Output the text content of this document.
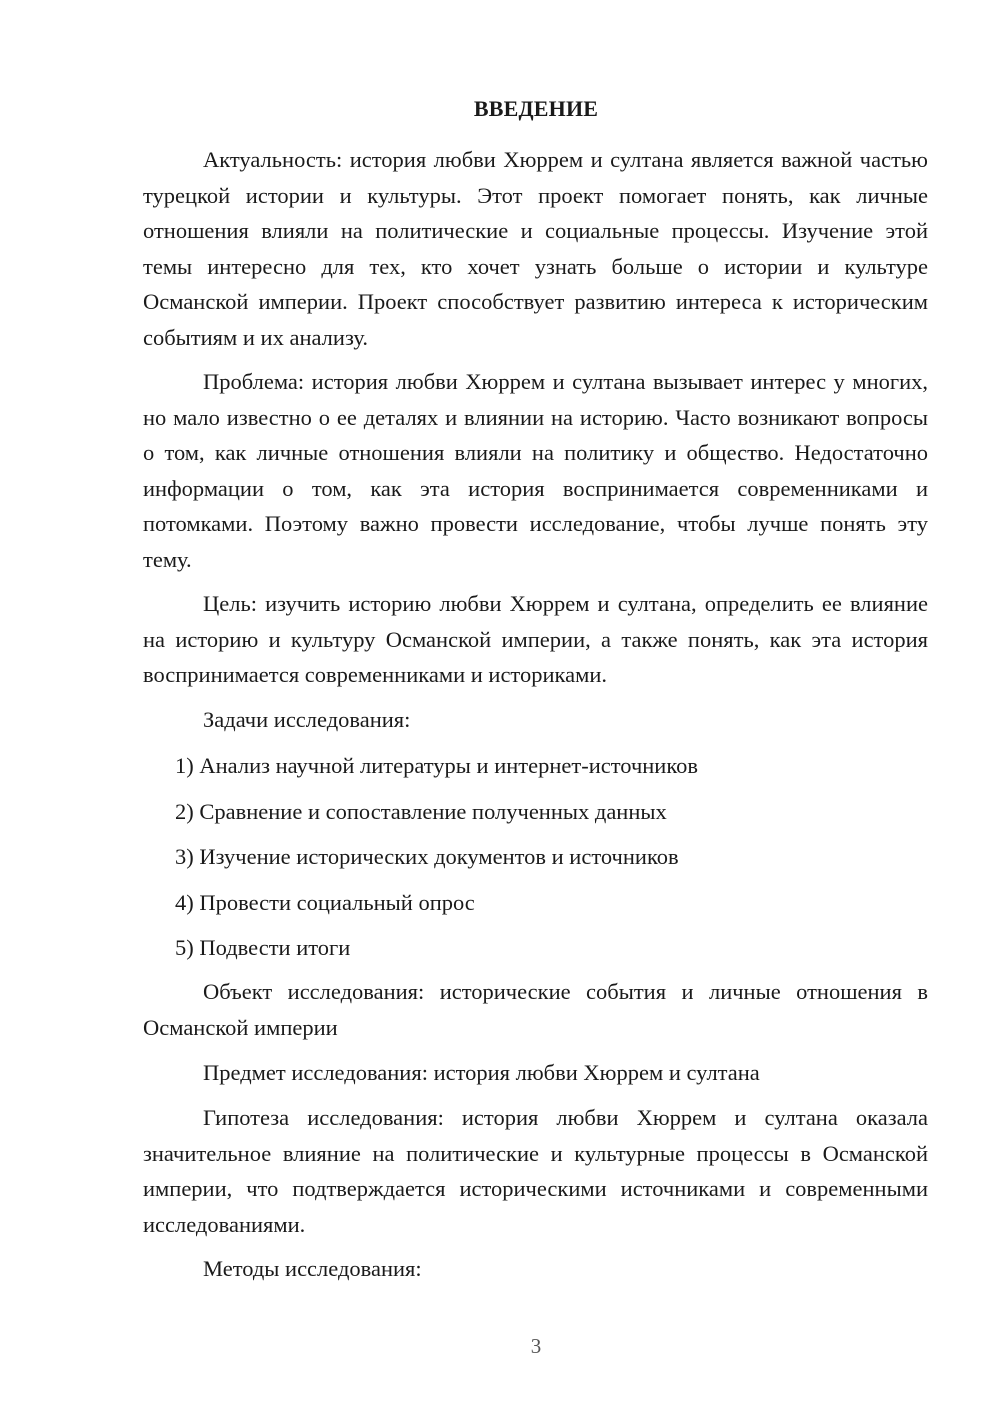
ВВЕДЕНИЕ

Актуальность: история любви Хюррем и султана является важной частью турецкой истории и культуры. Этот проект помогает понять, как личные отношения влияли на политические и социальные процессы. Изучение этой темы интересно для тех, кто хочет узнать больше о истории и культуре Османской империи. Проект способствует развитию интереса к историческим событиям и их анализу.

Проблема: история любви Хюррем и султана вызывает интерес у многих, но мало известно о ее деталях и влиянии на историю. Часто возникают вопросы о том, как личные отношения влияли на политику и общество. Недостаточно информации о том, как эта история воспринимается современниками и потомками. Поэтому важно провести исследование, чтобы лучше понять эту тему.

Цель: изучить историю любви Хюррем и султана, определить ее влияние на историю и культуру Османской империи, а также понять, как эта история воспринимается современниками и историками.

Задачи исследования:

1) Анализ научной литературы и интернет-источников
2) Сравнение и сопоставление полученных данных
3) Изучение исторических документов и источников
4) Провести социальный опрос
5) Подвести итоги

Объект исследования: исторические события и личные отношения в Османской империи

Предмет исследования: история любви Хюррем и султана

Гипотеза исследования: история любви Хюррем и султана оказала значительное влияние на политические и культурные процессы в Османской империи, что подтверждается историческими источниками и современными исследованиями.

Методы исследования:

3
